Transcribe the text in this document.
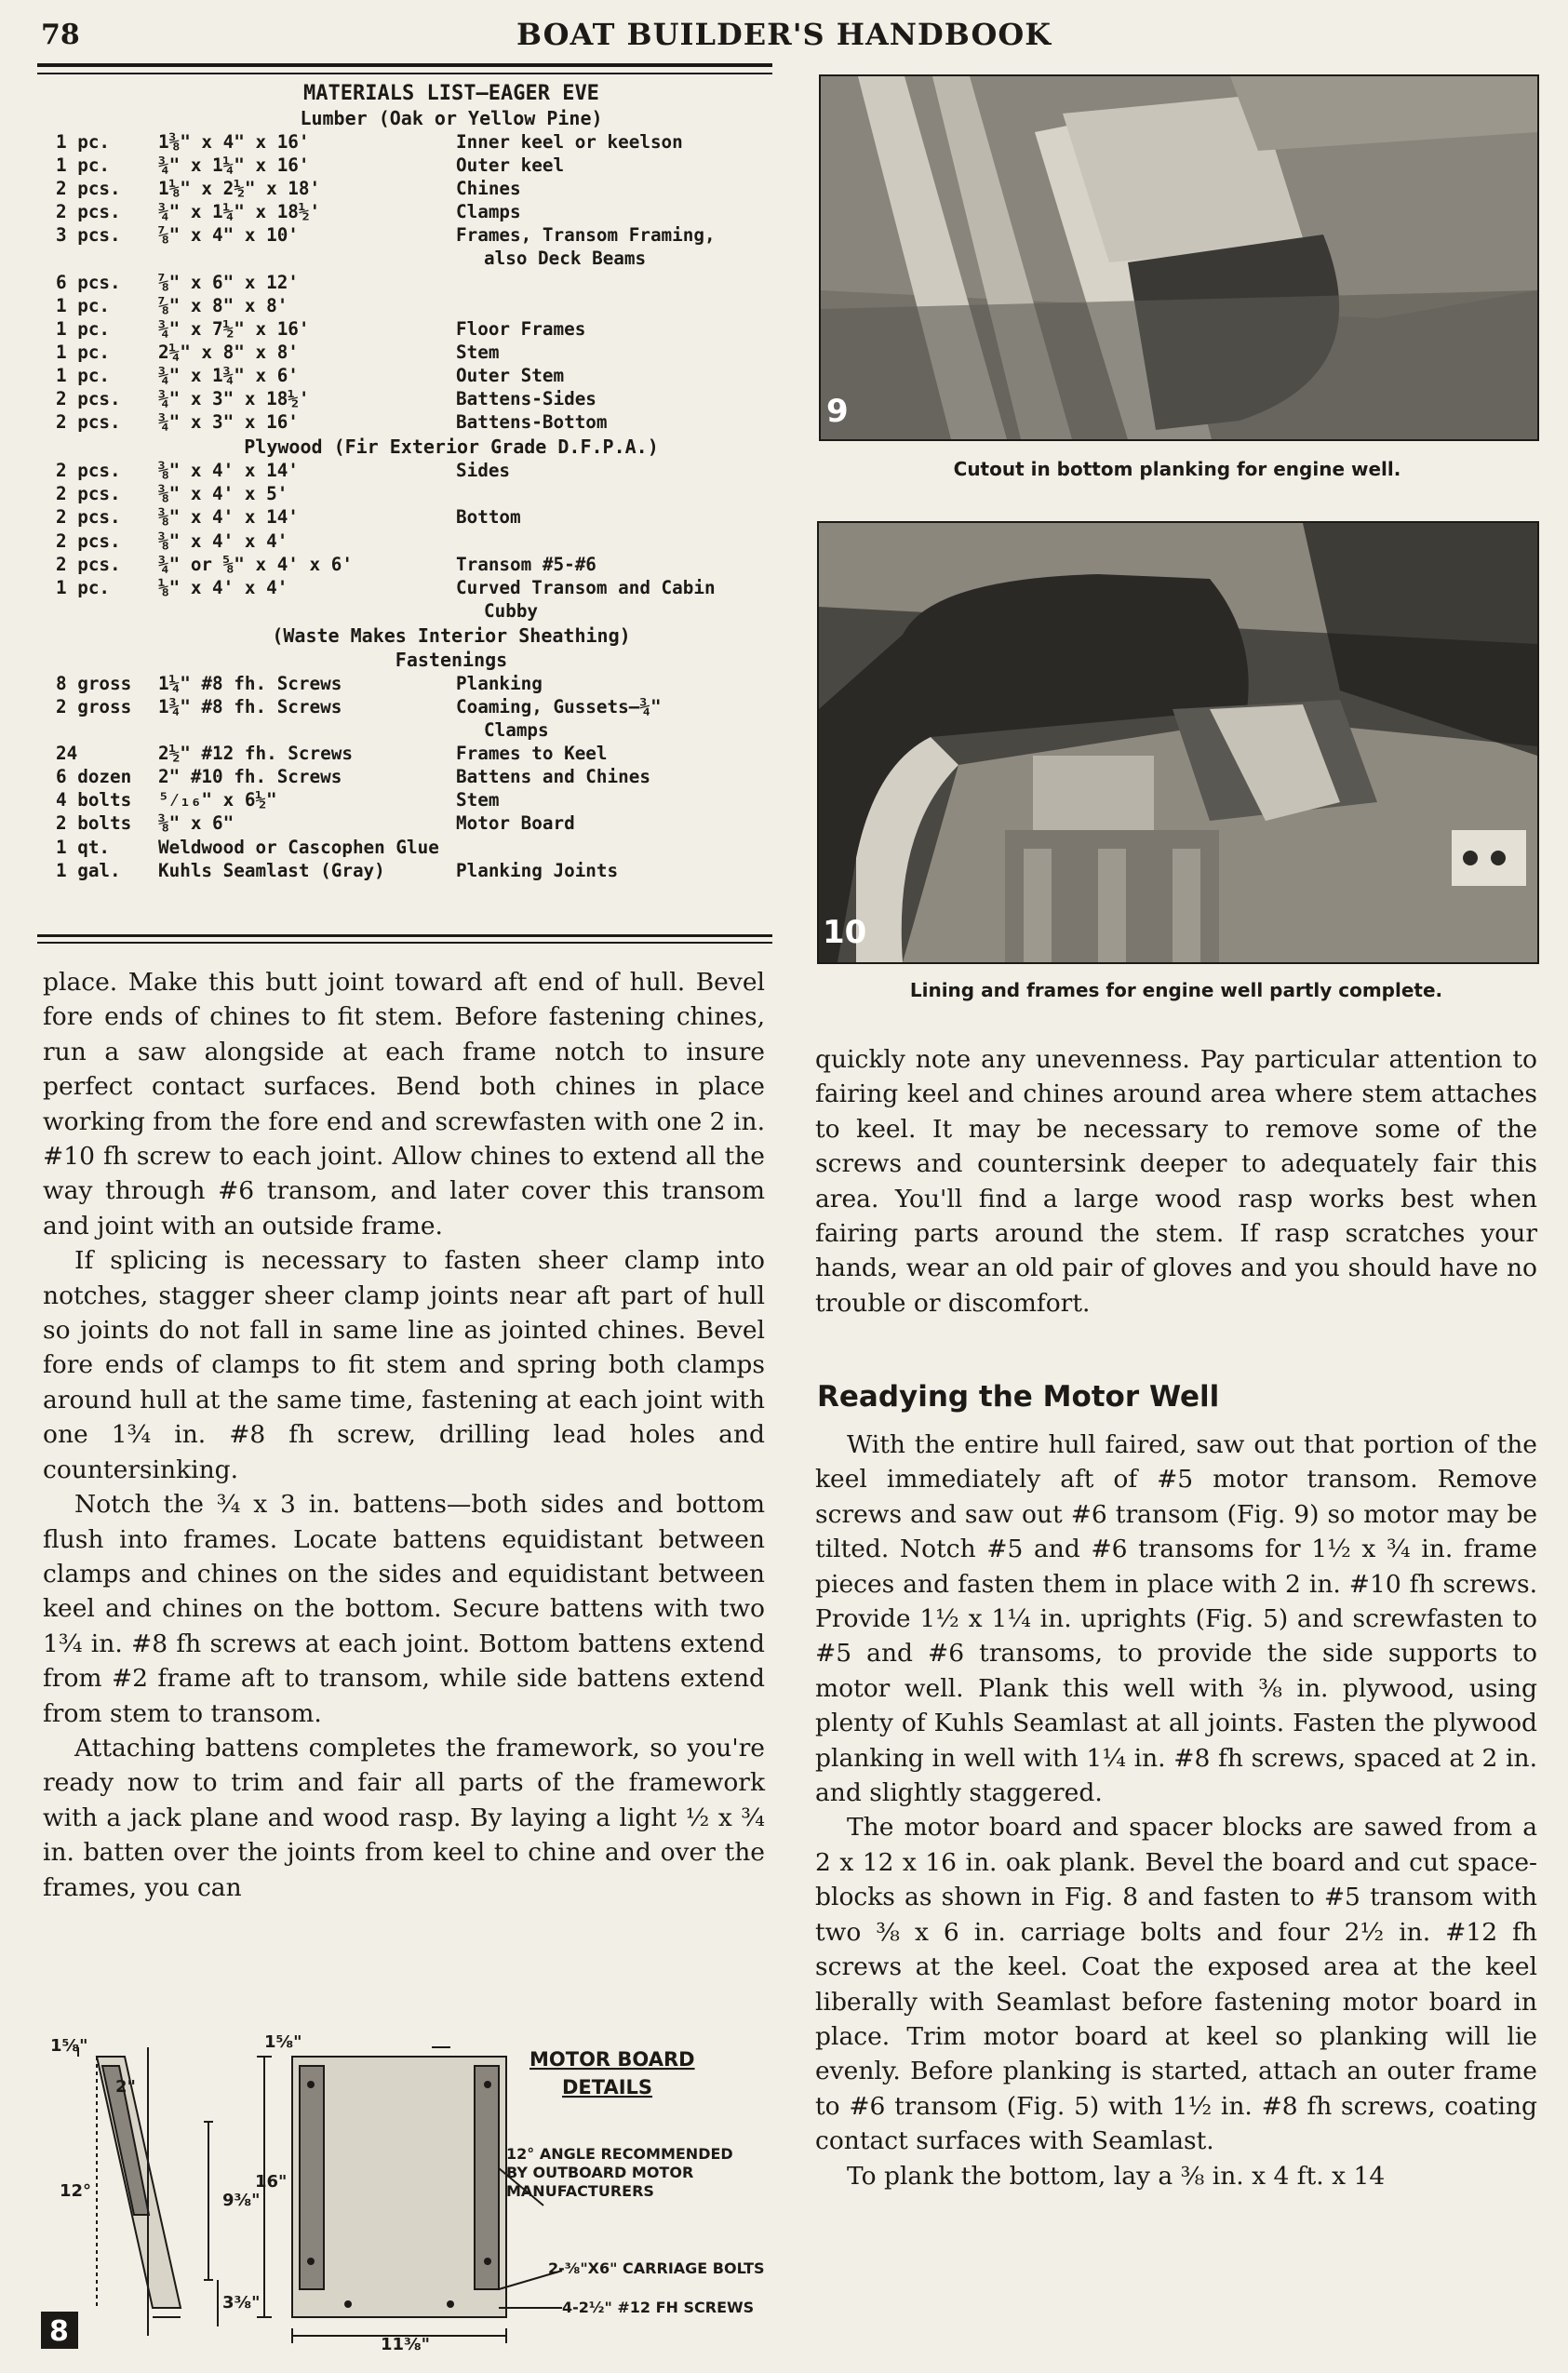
78	BOAT BUILDER'S HANDBOOK
MATERIALS LIST—EAGER EVE
Lumber (Oak or Yellow Pine)
1 pc.	1⅜" x 4" x 16'	Inner keel or keelson
1 pc.	¾" x 1¼" x 16'	Outer keel
2 pcs.	1⅛" x 2½" x 18'	Chines
2 pcs.	¾" x 1¼" x 18½'	Clamps
3 pcs.	⅞" x 4" x 10'	Frames, Transom Framing,
also Deck Beams
6 pcs.	⅞" x 6" x 12'
1 pc.	⅞" x 8" x 8'
1 pc.	¾" x 7½" x 16'	Floor Frames
1 pc.	2¼" x 8" x 8'	Stem
1 pc.	¾" x 1¾" x 6'	Outer Stem
2 pcs.	¾" x 3" x 18½'	Battens-Sides
2 pcs.	¾" x 3" x 16'	Battens-Bottom
Plywood (Fir Exterior Grade D.F.P.A.)
2 pcs.	⅜" x 4' x 14'	Sides
2 pcs.	⅜" x 4' x 5'
2 pcs.	⅜" x 4' x 14'	Bottom
2 pcs.	⅜" x 4' x 4'
2 pcs.	¾" or ⅝" x 4' x 6'	Transom #5-#6
1 pc.	⅛" x 4' x 4'	Curved Transom and Cabin
Cubby
(Waste Makes Interior Sheathing)
Fastenings
8 gross	1¼" #8 fh. Screws	Planking
2 gross	1¾" #8 fh. Screws	Coaming, Gussets—¾"
Clamps
24	2½" #12 fh. Screws	Frames to Keel
6 dozen	2" #10 fh. Screws	Battens and Chines
4 bolts	⁵⁄₁₆" x 6½"	Stem
2 bolts	⅜" x 6"	Motor Board
1 qt.	Weldwood or Cascophen Glue
1 gal.	Kuhls Seamlast (Gray)	Planking Joints
9
Cutout in bottom planking for engine well.
10
Lining and frames for engine well partly complete.

place. Make this butt joint toward aft end of hull. Bevel fore ends of chines to fit stem. Before fastening chines, run a saw alongside at each frame notch to insure perfect contact surfaces. Bend both chines in place working from the fore end and screwfasten with one 2 in. #10 fh screw to each joint. Allow chines to extend all the way through #6 transom, and later cover this transom and joint with an outside frame.

If splicing is necessary to fasten sheer clamp into notches, stagger sheer clamp joints near aft part of hull so joints do not fall in same line as jointed chines. Bevel fore ends of clamps to fit stem and spring both clamps around hull at the same time, fastening at each joint with one 1¾ in. #8 fh screw, drilling lead holes and countersinking.

Notch the ¾ x 3 in. battens—both sides and bottom flush into frames. Locate battens equidistant between clamps and chines on the sides and equidistant between keel and chines on the bottom. Secure battens with two 1¾ in. #8 fh screws at each joint. Bottom battens extend from #2 frame aft to transom, while side battens extend from stem to transom.

Attaching battens completes the framework, so you're ready now to trim and fair all parts of the framework with a jack plane and wood rasp. By laying a light ½ x ¾ in. batten over the joints from keel to chine and over the frames, you can

quickly note any unevenness. Pay particular attention to fairing keel and chines around area where stem attaches to keel. It may be necessary to remove some of the screws and countersink deeper to adequately fair this area. You'll find a large wood rasp works best when fairing parts around the stem. If rasp scratches your hands, wear an old pair of gloves and you should have no trouble or discomfort.

Readying the Motor Well

With the entire hull faired, saw out that portion of the keel immediately aft of #5 motor transom. Remove screws and saw out #6 transom (Fig. 9) so motor may be tilted. Notch #5 and #6 transoms for 1½ x ¾ in. frame pieces and fasten them in place with 2 in. #10 fh screws. Provide 1½ x 1¼ in. uprights (Fig. 5) and screwfasten to #5 and #6 transoms, to provide the side supports to motor well. Plank this well with ⅜ in. plywood, using plenty of Kuhls Seamlast at all joints. Fasten the plywood planking in well with 1¼ in. #8 fh screws, spaced at 2 in. and slightly staggered.

The motor board and spacer blocks are sawed from a 2 x 12 x 16 in. oak plank. Bevel the board and cut space-blocks as shown in Fig. 8 and fasten to #5 transom with two ⅜ x 6 in. carriage bolts and four 2½ in. #12 fh screws at the keel. Coat the exposed area at the keel liberally with Seamlast before fastening motor board in place. Trim motor board at keel so planking will lie evenly. Before planking is started, attach an outer frame to #6 transom (Fig. 5) with 1½ in. #8 fh screws, coating contact surfaces with Seamlast.

To plank the bottom, lay a ⅜ in. x 4 ft. x 14

1⅝"
2"
9⅜"
3⅜"
12°
1⅝"
16"
11⅜"
MOTOR BOARD
DETAILS
12° ANGLE RECOMMENDED
BY OUTBOARD MOTOR
MANUFACTURERS
2-⅜"X6" CARRIAGE BOLTS
4-2½" #12 FH SCREWS
8
